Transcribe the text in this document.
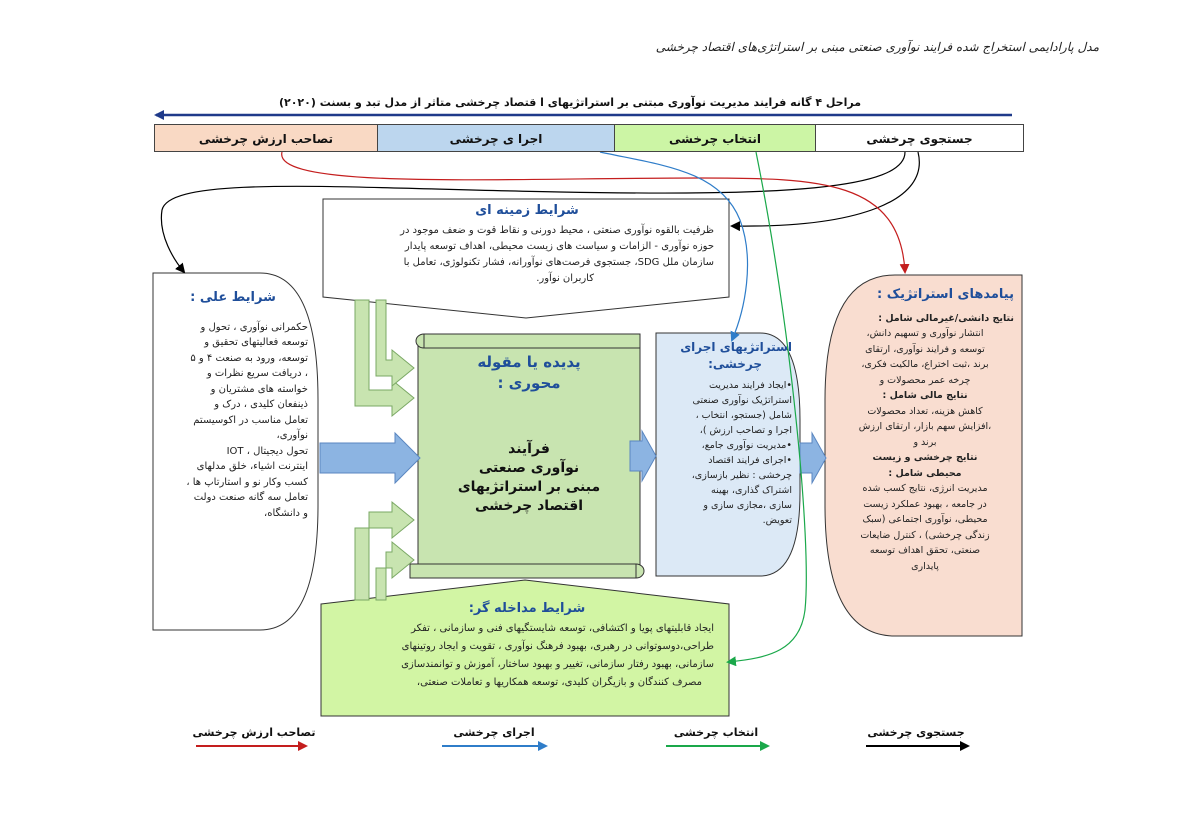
مدل پارادایمی استخراج شده فرایند نوآوری صنعتی مبنی بر استراتژی‌های اقتصاد چرخشی
مراحل ۴ گانه فرایند مدیریت نوآوری مبتنی بر استراتژیهای ا قتصاد چرخشی متاثر از مدل تبد و بسنت (۲۰۲۰)
جستجوی چرخشی
انتخاب چرخشی
اجرا ی چرخشی
تصاحب ارزش چرخشی
شرایط زمینه ای
ظرفیت بالقوه نوآوری صنعتی ، محیط دورنی و نقاط قوت و ضعف موجود در
حوزه نوآوری - الزامات و سیاست های زیست محیطی، اهداف توسعه پایدار
سازمان ملل SDG، جستجوی فرصت‌های نوآورانه، فشار تکنولوژی، تعامل با
کاربران نوآور.
شرایط علی :
حکمرانی نوآوری ، تحول و
توسعه فعالیتهای تحقیق و
توسعه، ورود به صنعت ۴ و ۵
، دریافت سریع نظرات و
خواسته های مشتریان و
ذینفعان کلیدی ، درک و
تعامل مناسب در اکوسیستم
نوآوری،
تحول دیجیتال ، IOT
اینترنت اشیاء، خلق مدلهای
کسب وکار نو و استارتاپ ها ،
تعامل سه گانه صنعت دولت
و دانشگاه،
پدیده یا مقوله
محوری :
فرآیند
نوآوری صنعتی
مبنی بر استراتژیهای
اقتصاد چرخشی
استراتژیهای اجرای
چرخشی:
•ایجاد فرایند مدیریت
استراتژیک نوآوری صنعتی
شامل (جستجو، انتخاب ،
اجرا و تصاحب ارزش )،
•مدیریت نوآوری جامع،
•اجرای فرایند اقتصاد
چرخشی : نظیر بازسازی،
اشتراک گذاری، بهینه
سازی ،مجازی سازی و
تعویض.
پیامدهای استراتژیک :
نتایج دانشی/غیرمالی شامل :
انتشار نوآوری و تسهیم دانش،
توسعه و فرایند نوآوری، ارتقای
برند ،ثبت اختراع، مالکیت فکری،
چرخه عمر محصولات و
نتایج مالی شامل :
کاهش هزینه، تعداد محصولات
،افزایش سهم بازار، ارتقای ارزش
برند و
نتایج چرخشی و زیست
محیطی شامل :
مدیریت انرژی، نتایج کسب شده
در جامعه ، بهبود عملکرد زیست
محیطی، نوآوری اجتماعی (سبک
زندگی چرخشی) ، کنترل ضایعات
صنعتی، تحقق اهداف توسعه
پایداری
شرایط مداخله گر:
ایجاد قابلیتهای پویا و اکتشافی، توسعه شایستگیهای فنی و سازمانی ، تفکر
طراحی،دوسوتوانی در رهبری، بهبود فرهنگ نوآوری ، تقویت و ایجاد روتینهای
سازمانی، بهبود رفتار سازمانی، تغییر و بهبود ساختار، آموزش و توانمندسازی
مصرف کنندگان و بازیگران کلیدی، توسعه همکاریها و تعاملات صنعتی،
جستجوی چرخشی
انتخاب چرخشی
اجرای چرخشی
تصاحب ارزش چرخشی
